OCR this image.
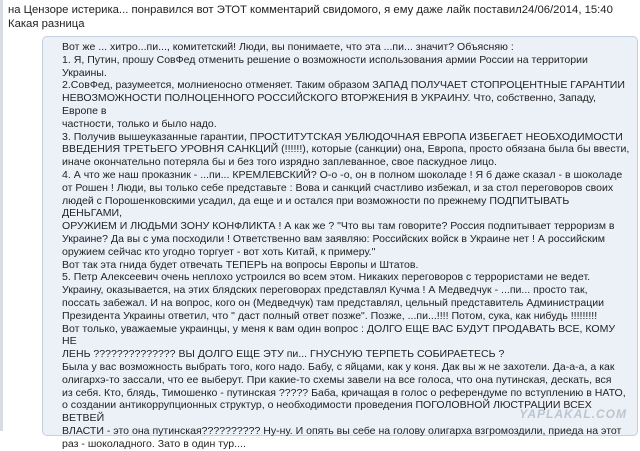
на Цензоре истерика... понравился вот ЭТОТ комментарий свидомого, я ему даже лайк поставил24/06/2014, 15:40
Какая разница
Вот же ... хитро...пи..., комитетский! Люди, вы понимаете, что эта ...пи... значит? Объясняю :
1. Я, Путин, прошу СовФед отменить решение о возможности использования армии России на территории
Украины.
2.СовФед, разумеется, молниеносно отменяет. Таким образом ЗАПАД ПОЛУЧАЕТ СТОПРОЦЕНТНЫЕ ГАРАНТИИ
НЕВОЗМОЖНОСТИ ПОЛНОЦЕННОГО РОССИЙСКОГО ВТОРЖЕНИЯ В УКРАИНУ. Что, собственно, Западу, Европе в
частности, только и было надо.
3. Получив вышеуказанные гарантии, ПРОСТИТУТСКАЯ УБЛЮДОЧНАЯ ЕВРОПА ИЗБЕГАЕТ НЕОБХОДИМОСТИ
ВВЕДЕНИЯ ТРЕТЬЕГО УРОВНЯ САНКЦИЙ (!!!!!!), которые (санкции) она, Европа, просто обязана была бы ввести,
иначе окончательно потеряла бы и без того изрядно заплеванное, свое паскудное лицо.
4. А что же наш проказник - ...пи... КРЕМЛЕВСКИЙ? О-о -о, он в полном шоколаде ! Я б даже сказал - в шоколаде
от Рошен ! Люди, вы только себе представьте : Вова и санкций счастливо избежал, и за стол переговоров своих
людей с Порошенковскими усадил, да еще и и остался при возможности по прежнему ПОДПИТЫВАТЬ ДЕНЬГАМИ,
ОРУЖИЕМ И ЛЮДЬМИ ЗОНУ КОНФЛИКТА ! А как же ? "Что вы там говорите? Россия подпитывает терроризм в
Украине? Да вы с ума посходили ! Ответственно вам заявляю: Российских войск в Украине нет ! А российским
оружием сейчас кто угодно торгует - вот хоть Китай, к примеру."
Вот так эта гнида будет отвечать ТЕПЕРЬ на вопросы Европы и Штатов.
5. Петр Алексеевич очень неплохо устроился во всем этом. Никаких переговоров с террористами не ведет.
Украину, оказывается, на этих блядских переговорах представлял Кучма ! А Медведчук - ...пи... просто так,
поссать забежал. И на вопрос, кого он (Медведчук) там представлял, цельный представитель Администрации
Президента Украины ответил, что " даст полный ответ позже". Позже, ...пи...!!!! Потом, сука, как нибудь !!!!!!!!!
Вот только, уважаемые украинцы, у меня к вам один вопрос : ДОЛГО ЕЩЕ ВАС БУДУТ ПРОДАВАТЬ ВСЕ, КОМУ НЕ
ЛЕНЬ ?????????????? ВЫ ДОЛГО ЕЩЕ ЭТУ пи... ГНУСНУЮ ТЕРПЕТЬ СОБИРАЕТЕСЬ ?
Была у вас возможность выбрать того, кого надо. Бабу, с яйцами, как у коня. Дак вы ж не захотели. Да-а-а, а как
олигархэ-то зассали, что ее выберут. При какие-то схемы завели на все голоса, что она путинская, дескать, вся
из себя. Кто, блядь, Тимошенко - путинская ????? Баба, кричащая в голос о референдуме по вступлению в НАТО,
о создании антикоррупционных структур, о необходимости проведения ПОГОЛОВНОЙ ЛЮСТРАЦИИ ВСЕХ ВЕТВЕЙ
ВЛАСТИ - это она путинская?????????? Ну-ну. И опять вы себе на голову олигарха взгромоздили, приеда на этот
раз - шоколадного. Зато в один тур....
YAPLAKAL.COM
